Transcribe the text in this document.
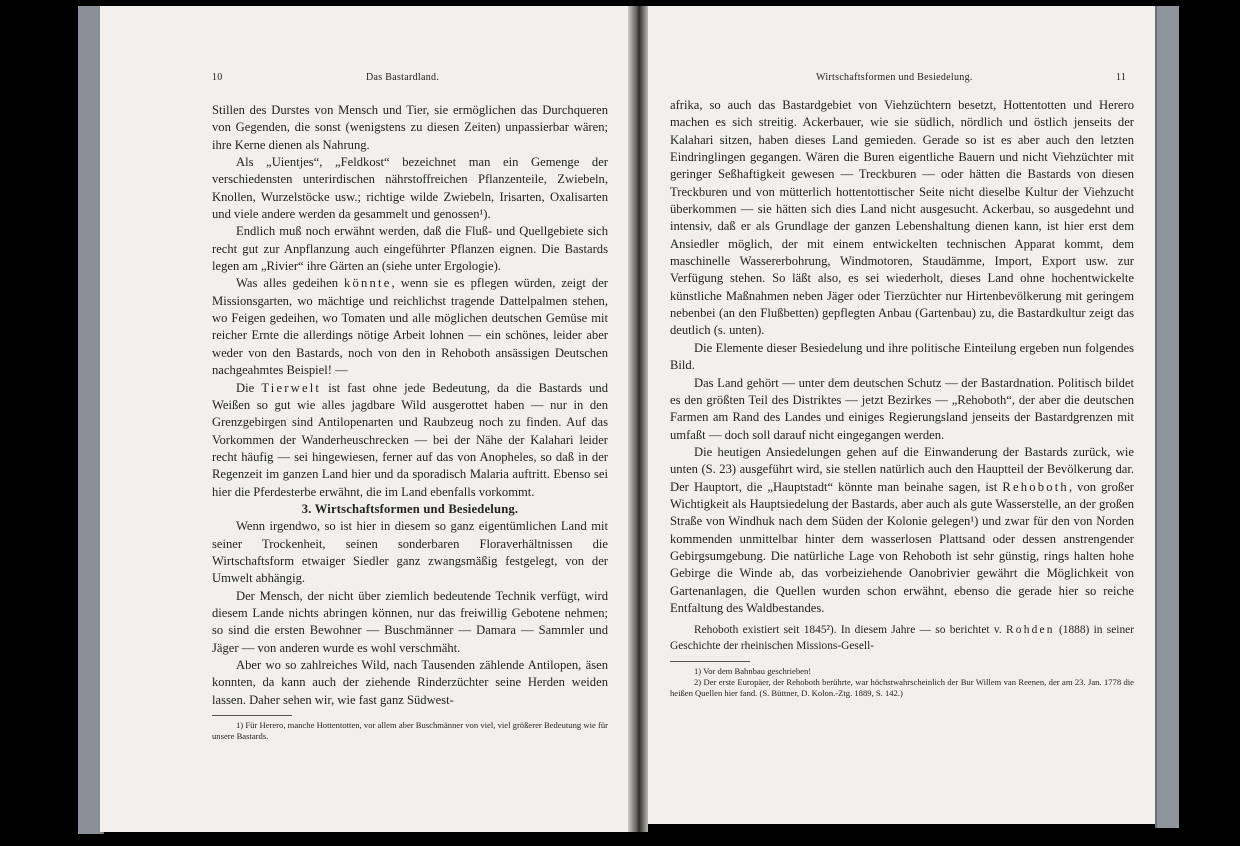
10	Das Bastardland.

Stillen des Durstes von Mensch und Tier, sie ermöglichen das Durchqueren von Gegenden, die sonst (wenigstens zu diesen Zeiten) unpassierbar wären; ihre Kerne dienen als Nahrung.

Als „Uientjes“, „Feldkost“ bezeichnet man ein Gemenge der verschiedensten unterirdischen nährstoffreichen Pflanzenteile, Zwiebeln, Knollen, Wurzelstöcke usw.; richtige wilde Zwiebeln, Irisarten, Oxalisarten und viele andere werden da gesammelt und genossen¹).

Endlich muß noch erwähnt werden, daß die Fluß- und Quellgebiete sich recht gut zur Anpflanzung auch eingeführter Pflanzen eignen. Die Bastards legen am „Rivier“ ihre Gärten an (siehe unter Ergologie).

Was alles gedeihen könnte, wenn sie es pflegen würden, zeigt der Missionsgarten, wo mächtige und reichlichst tragende Dattelpalmen stehen, wo Feigen gedeihen, wo Tomaten und alle möglichen deutschen Gemüse mit reicher Ernte die allerdings nötige Arbeit lohnen — ein schönes, leider aber weder von den Bastards, noch von den in Rehoboth ansässigen Deutschen nachgeahmtes Beispiel! —

Die Tierwelt ist fast ohne jede Bedeutung, da die Bastards und Weißen so gut wie alles jagdbare Wild ausgerottet haben — nur in den Grenzgebirgen sind Antilopenarten und Raubzeug noch zu finden. Auf das Vorkommen der Wanderheuschrecken — bei der Nähe der Kalahari leider recht häufig — sei hingewiesen, ferner auf das von Anopheles, so daß in der Regenzeit im ganzen Land hier und da sporadisch Malaria auftritt. Ebenso sei hier die Pferdesterbe erwähnt, die im Land ebenfalls vorkommt.

3. Wirtschaftsformen und Besiedelung.

Wenn irgendwo, so ist hier in diesem so ganz eigentümlichen Land mit seiner Trockenheit, seinen sonderbaren Floraverhältnissen die Wirtschaftsform etwaiger Siedler ganz zwangsmäßig festgelegt, von der Umwelt abhängig.

Der Mensch, der nicht über ziemlich bedeutende Technik verfügt, wird diesem Lande nichts abringen können, nur das freiwillig Gebotene nehmen; so sind die ersten Bewohner — Buschmänner — Damara — Sammler und Jäger — von anderen wurde es wohl verschmäht.

Aber wo so zahlreiches Wild, nach Tausenden zählende Antilopen, äsen konnten, da kann auch der ziehende Rinderzüchter seine Herden weiden lassen. Daher sehen wir, wie fast ganz Südwest-

1) Für Herero, manche Hottentotten, vor allem aber Buschmänner von viel, viel größerer Bedeutung wie für unsere Bastards.

Wirtschaftsformen und Besiedelung.	11

afrika, so auch das Bastardgebiet von Viehzüchtern besetzt, Hottentotten und Herero machen es sich streitig. Ackerbauer, wie sie südlich, nördlich und östlich jenseits der Kalahari sitzen, haben dieses Land gemieden. Gerade so ist es aber auch den letzten Eindringlingen gegangen. Wären die Buren eigentliche Bauern und nicht Viehzüchter mit geringer Seßhaftigkeit gewesen — Treckburen — oder hätten die Bastards von diesen Treckburen und von mütterlich hottentottischer Seite nicht dieselbe Kultur der Viehzucht überkommen — sie hätten sich dies Land nicht ausgesucht. Ackerbau, so ausgedehnt und intensiv, daß er als Grundlage der ganzen Lebenshaltung dienen kann, ist hier erst dem Ansiedler möglich, der mit einem entwickelten technischen Apparat kommt, dem maschinelle Wassererbohrung, Windmotoren, Staudämme, Import, Export usw. zur Verfügung stehen. So läßt also, es sei wiederholt, dieses Land ohne hochentwickelte künstliche Maßnahmen neben Jäger oder Tierzüchter nur Hirtenbevölkerung mit geringem nebenbei (an den Flußbetten) gepflegten Anbau (Gartenbau) zu, die Bastardkultur zeigt das deutlich (s. unten).

Die Elemente dieser Besiedelung und ihre politische Einteilung ergeben nun folgendes Bild.

Das Land gehört — unter dem deutschen Schutz — der Bastardnation. Politisch bildet es den größten Teil des Distriktes — jetzt Bezirkes — „Rehoboth“, der aber die deutschen Farmen am Rand des Landes und einiges Regierungsland jenseits der Bastardgrenzen mit umfaßt — doch soll darauf nicht eingegangen werden.

Die heutigen Ansiedelungen gehen auf die Einwanderung der Bastards zurück, wie unten (S. 23) ausgeführt wird, sie stellen natürlich auch den Hauptteil der Bevölkerung dar. Der Hauptort, die „Hauptstadt“ könnte man beinahe sagen, ist Rehoboth, von großer Wichtigkeit als Hauptsiedelung der Bastards, aber auch als gute Wasserstelle, an der großen Straße von Windhuk nach dem Süden der Kolonie gelegen¹) und zwar für den von Norden kommenden unmittelbar hinter dem wasserlosen Plattsand oder dessen anstrengender Gebirgsumgebung. Die natürliche Lage von Rehoboth ist sehr günstig, rings halten hohe Gebirge die Winde ab, das vorbeiziehende Oanobrivier gewährt die Möglichkeit von Gartenanlagen, die Quellen wurden schon erwähnt, ebenso die gerade hier so reiche Entfaltung des Waldbestandes.

Rehoboth existiert seit 1845²). In diesem Jahre — so berichtet v. Rohden (1888) in seiner Geschichte der rheinischen Missions-Gesell-

1) Vor dem Bahnbau geschrieben!

2) Der erste Europäer, der Rehoboth berührte, war höchstwahrscheinlich der Bur Willem van Reenen, der am 23. Jan. 1778 die heißen Quellen hier fand. (S. Büttner, D. Kolon.-Ztg. 1889, S. 142.)
